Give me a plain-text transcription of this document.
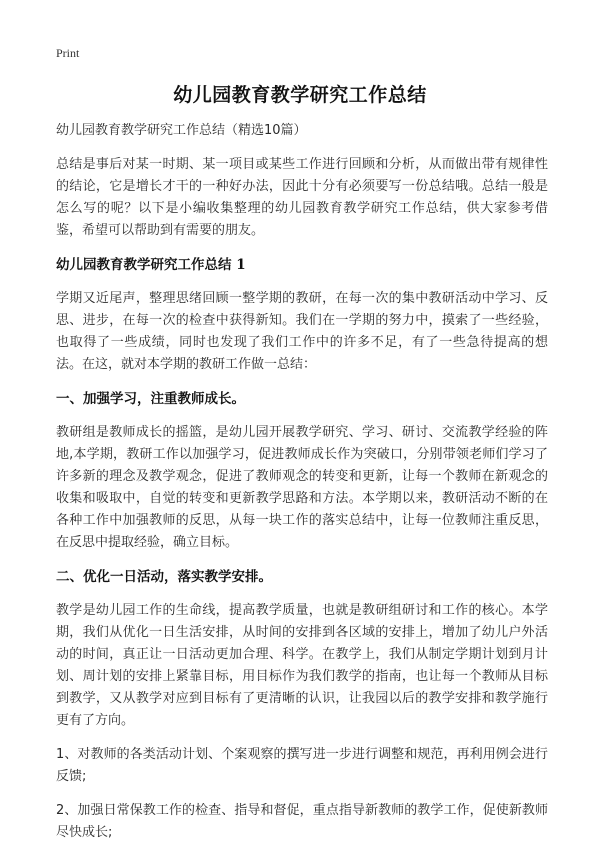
Print
幼儿园教育教学研究工作总结

幼儿园教育教学研究工作总结（精选10篇）

总结是事后对某一时期、某一项目或某些工作进行回顾和分析，从而做出带有规律性的结论，它是增长才干的一种好办法，因此十分有必须要写一份总结哦。总结一般是怎么写的呢？以下是小编收集整理的幼儿园教育教学研究工作总结，供大家参考借鉴，希望可以帮助到有需要的朋友。

幼儿园教育教学研究工作总结 1

学期又近尾声，整理思绪回顾一整学期的教研，在每一次的集中教研活动中学习、反思、进步，在每一次的检查中获得新知。我们在一学期的努力中，摸索了一些经验，也取得了一些成绩，同时也发现了我们工作中的许多不足，有了一些急待提高的想法。在这，就对本学期的教研工作做一总结：

一、加强学习，注重教师成长。

教研组是教师成长的摇篮，是幼儿园开展教学研究、学习、研讨、交流教学经验的阵地,本学期，教研工作以加强学习，促进教师成长作为突破口，分别带领老师们学习了许多新的理念及教学观念，促进了教师观念的转变和更新，让每一个教师在新观念的收集和吸取中，自觉的转变和更新教学思路和方法。本学期以来，教研活动不断的在各种工作中加强教师的反思，从每一块工作的落实总结中，让每一位教师注重反思，在反思中提取经验，确立目标。

二、优化一日活动，落实教学安排。

教学是幼儿园工作的生命线，提高教学质量，也就是教研组研讨和工作的核心。本学期，我们从优化一日生活安排，从时间的安排到各区域的安排上，增加了幼儿户外活动的时间，真正让一日活动更加合理、科学。在教学上，我们从制定学期计划到月计划、周计划的安排上紧靠目标，用目标作为我们教学的指南，也让每一个教师从目标到教学，又从教学对应到目标有了更清晰的认识，让我园以后的教学安排和教学施行更有了方向。

1、对教师的各类活动计划、个案观察的撰写进一步进行调整和规范，再利用例会进行反馈;

2、加强日常保教工作的检查、指导和督促，重点指导新教师的教学工作，促使新教师尽快成长;
